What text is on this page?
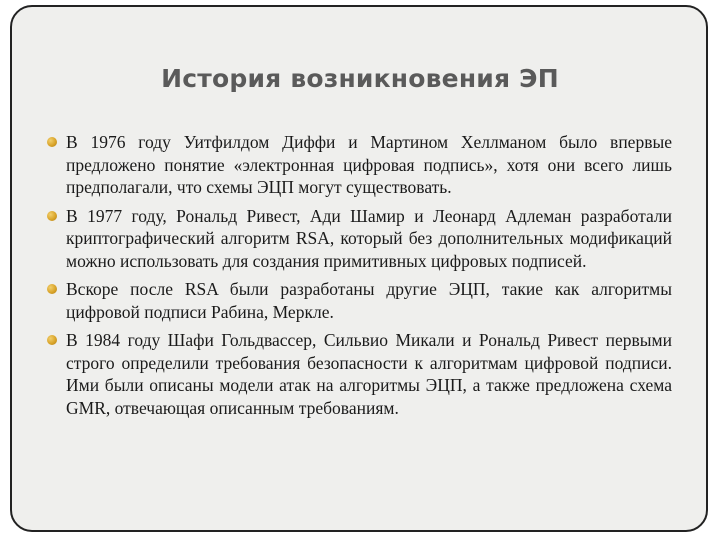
История возникновения ЭП
В 1976 году Уитфилдом Диффи и Мартином Хеллманом было впервые предложено понятие «электронная цифровая подпись», хотя они всего лишь предполагали, что схемы ЭЦП могут существовать.
В 1977 году, Рональд Ривест, Ади Шамир и Леонард Адлеман разработали криптографический алгоритм RSA, который без дополнительных модификаций можно использовать для создания примитивных цифровых подписей.
Вскоре после RSA были разработаны другие ЭЦП, такие как алгоритмы цифровой подписи Рабина, Меркле.
В 1984 году Шафи Гольдвассер, Сильвио Микали и Рональд Ривест первыми строго определили требования безопасности к алгоритмам цифровой подписи. Ими были описаны модели атак на алгоритмы ЭЦП, а также предложена схема GMR, отвечающая описанным требованиям.
